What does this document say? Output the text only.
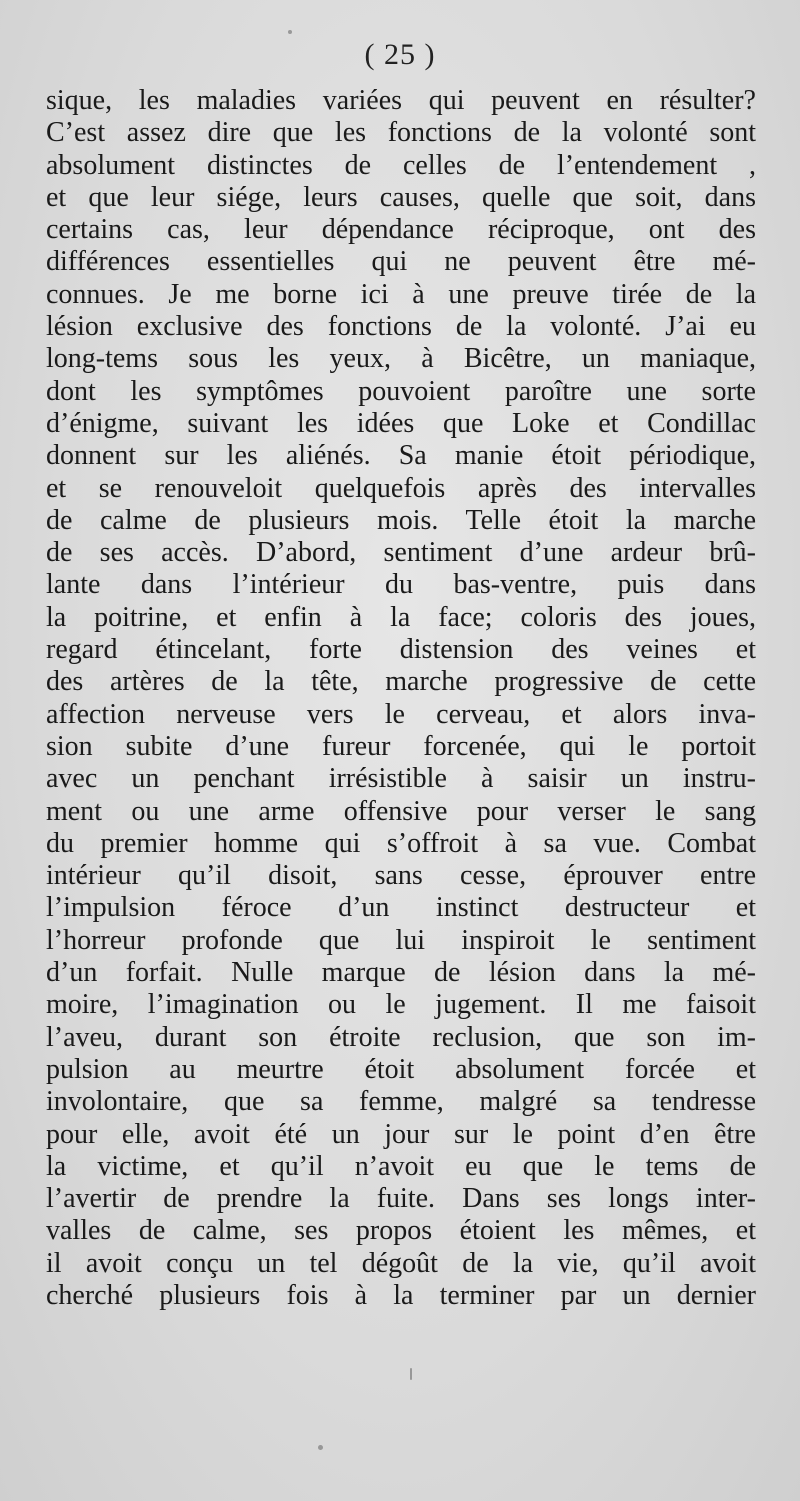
( 25 )
sique, les maladies variées qui peuvent en résulter?
C’est assez dire que les fonctions de la volonté sont
absolument distinctes de celles de l’entendement ,
et que leur siége, leurs causes, quelle que soit, dans
certains cas, leur dépendance réciproque, ont des
différences essentielles qui ne peuvent être mé-
connues. Je me borne ici à une preuve tirée de la
lésion exclusive des fonctions de la volonté. J’ai eu
long-tems sous les yeux, à Bicêtre, un maniaque,
dont les symptômes pouvoient paroître une sorte
d’énigme, suivant les idées que Loke et Condillac
donnent sur les aliénés. Sa manie étoit périodique,
et se renouveloit quelquefois après des intervalles
de calme de plusieurs mois. Telle étoit la marche
de ses accès. D’abord, sentiment d’une ardeur brû-
lante dans l’intérieur du bas-ventre, puis dans
la poitrine, et enfin à la face; coloris des joues,
regard étincelant, forte distension des veines et
des artères de la tête, marche progressive de cette
affection nerveuse vers le cerveau, et alors inva-
sion subite d’une fureur forcenée, qui le portoit
avec un penchant irrésistible à saisir un instru-
ment ou une arme offensive pour verser le sang
du premier homme qui s’offroit à sa vue. Combat
intérieur qu’il disoit, sans cesse, éprouver entre
l’impulsion féroce d’un instinct destructeur et
l’horreur profonde que lui inspiroit le sentiment
d’un forfait. Nulle marque de lésion dans la mé-
moire, l’imagination ou le jugement. Il me faisoit
l’aveu, durant son étroite reclusion, que son im-
pulsion au meurtre étoit absolument forcée et
involontaire, que sa femme, malgré sa tendresse
pour elle, avoit été un jour sur le point d’en être
la victime, et qu’il n’avoit eu que le tems de
l’avertir de prendre la fuite. Dans ses longs inter-
valles de calme, ses propos étoient les mêmes, et
il avoit conçu un tel dégoût de la vie, qu’il avoit
cherché plusieurs fois à la terminer par un dernier
